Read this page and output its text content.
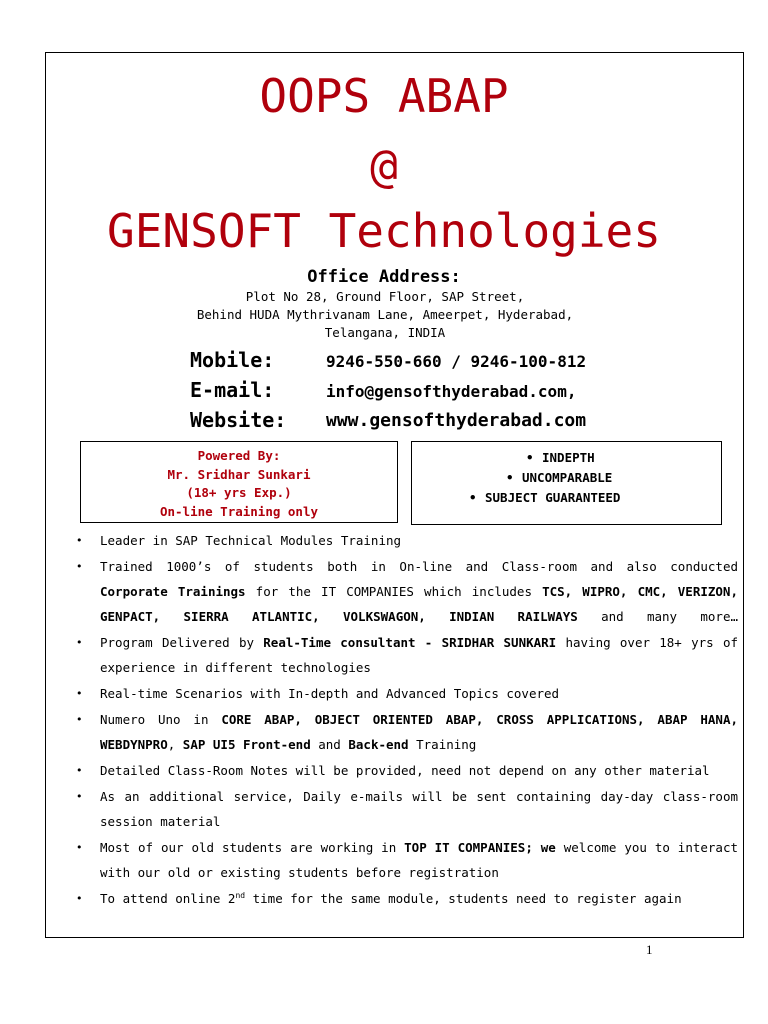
OOPS ABAP
@
GENSOFT Technologies
Office Address:
Plot No 28, Ground Floor, SAP Street,
Behind HUDA Mythrivanam Lane, Ameerpet, Hyderabad,
Telangana, INDIA
Mobile:	9246-550-660 / 9246-100-812
E-mail:	info@gensofthyderabad.com,
Website: www.gensofthyderabad.com
Powered By:
Mr. Sridhar Sunkari
(18+ yrs Exp.)
On-line Training only
• INDEPTH
• UNCOMPARABLE
• SUBJECT GUARANTEED
• Leader in SAP Technical Modules Training
• Trained 1000’s of students both in On-line and Class-room and also conducted Corporate Trainings for the IT COMPANIES which includes TCS, WIPRO, CMC, VERIZON, GENPACT, SIERRA ATLANTIC, VOLKSWAGON, INDIAN RAILWAYS and many more…
• Program Delivered by Real-Time consultant - SRIDHAR SUNKARI having over 18+ yrs of experience in different technologies
• Real-time Scenarios with In-depth and Advanced Topics covered
• Numero Uno in CORE ABAP, OBJECT ORIENTED ABAP, CROSS APPLICATIONS, ABAP HANA, WEBDYNPRO, SAP UI5 Front-end and Back-end Training
• Detailed Class-Room Notes will be provided, need not depend on any other material
• As an additional service, Daily e-mails will be sent containing day-day class-room session material
• Most of our old students are working in TOP IT COMPANIES; we welcome you to interact with our old or existing students before registration
• To attend online 2nd time for the same module, students need to register again
1
